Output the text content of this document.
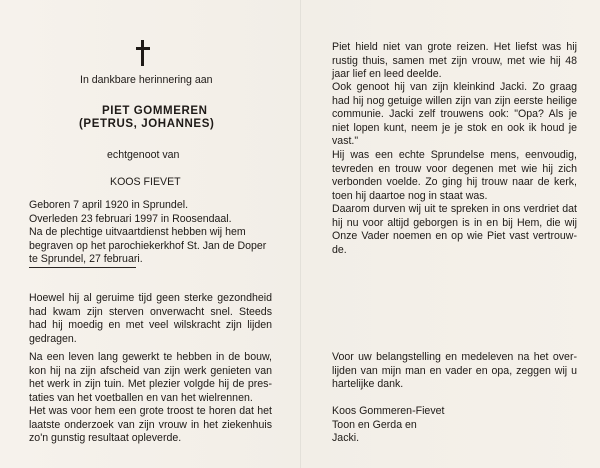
In dankbare herinnering aan
PIET GOMMEREN
(PETRUS, JOHANNES)
echtgenoot van
KOOS FIEVET
Geboren 7 april 1920 in Sprundel.
Overleden 23 februari 1997 in Roosendaal.
Na de plechtige uitvaartdienst hebben wij hem
begraven op het parochiekerkhof St. Jan de Doper
te Sprundel, 27 februari.
Hoewel hij al geruime tijd geen sterke gezondheid
had kwam zijn sterven onverwacht snel. Steeds
had hij moedig en met veel wilskracht zijn lijden
gedragen.
Na een leven lang gewerkt te hebben in de bouw,
kon hij na zijn afscheid van zijn werk genieten van
het werk in zijn tuin. Met plezier volgde hij de pres-
taties van het voetballen en van het wielrennen.
Het was voor hem een grote troost te horen dat het
laatste onderzoek van zijn vrouw in het ziekenhuis
zo'n gunstig resultaat opleverde.
Piet hield niet van grote reizen. Het liefst was hij
rustig thuis, samen met zijn vrouw, met wie hij 48
jaar lief en leed deelde.
Ook genoot hij van zijn kleinkind Jacki. Zo graag
had hij nog getuige willen zijn van zijn eerste heilige
communie. Jacki zelf trouwens ook: "Opa? Als je
niet lopen kunt, neem je je stok en ook ik houd je
vast."
Hij was een echte Sprundelse mens, eenvoudig,
tevreden en trouw voor degenen met wie hij zich
verbonden voelde. Zo ging hij trouw naar de kerk,
toen hij daartoe nog in staat was.
Daarom durven wij uit te spreken in ons verdriet dat
hij nu voor altijd geborgen is in en bij Hem, die wij
Onze Vader noemen en op wie Piet vast vertrouw-
de.
Voor uw belangstelling en medeleven na het over-
lijden van mijn man en vader en opa, zeggen wij u
hartelijke dank.
Koos Gommeren-Fievet
Toon en Gerda en
Jacki.
